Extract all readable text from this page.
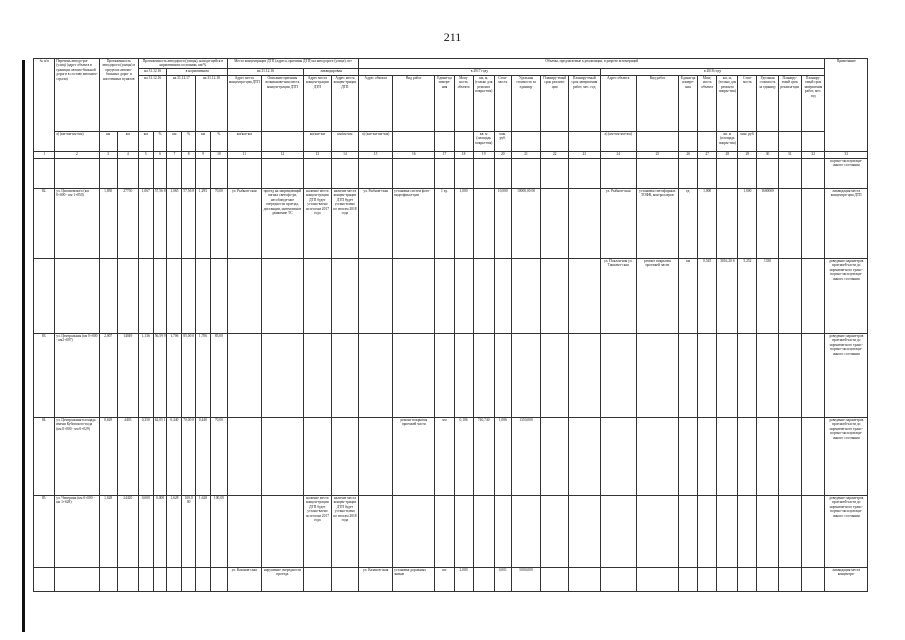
211
№ п/п	Перечень автодо-рог (улиц) (адрес объекта в границах автомо-бильной дороги в составе автомаги-страли)	Протяженность автодороги (улицы) в пределах автомо-бильных дорог и населенных пунктов		Протяженность автодороги (улицы), находя-щейся в нормативном состоянии, км/%						Места концентрации ДТП (адреса, причины ДТП) на автодороге (улице), шт				Объемы, предлагаемые к реализации, в разрезе агломераций																		Примечание
				на 31.12.16		в нормативном				на 31.12.16		ликвидирован		в 2017 году									в 2018 году									
				на 31.12.16		на 31.12.17		на 31.12.18		Адрес места концентра-ции ДТП	Описание причины возникнове-ния места концен-трации ДТП	Адрес места концен-трации ДТП	Адрес места концен-трации ДТП	Адрес объекта	Вид работ	Едини-ца измере-ния	Мощ-ность объекта	км, м, (только для ремонта покры-тия)	Стои-мость	Удельная стоимость за единицу	Планиру-емый срок реализа-ции	Планиру-емый срок завершения работ, мес. год	Адрес объекта	Вид работ	Едини-ца измере-ния	Мощ-ность объекта	км, м, (только для ремонта покры-тия)	Стои-мость	Удельная стоимость за единицу	Планиру-емый срок реализа-ции	Планиру-емый срок завершения работ, мес. год	
	а) (км+км-км+км)	км	км	км	%	км	%	км	%	км/км+км		км/км+км	км/км+км	а) (км+км-км+км)				кв. м (площадь покры-тия)	млн. руб.				а) (км+км-км+км)				кв. м (площадь покры-тия)	млн. руб.				
1	2	3	4	5	6	7	8	9	10	11	12	13	14	15	16	17	18	19	20	21	22	23	24	25	26	27	28	29	30	31	32	33
																																портно-эксплуатаци-онного состояния
82.	ул. Циолковского (км 0+000 - км 1+850)	1,850	27750	1,067	57,56 8	1,065	57,56 8	1,295	70,00	ул. Рыбнов-ская	проезд на запрещающий сигнал светофо-ра, несоблюде-ние очередности проезда, дистанции, интенсивное движение ТС	наличие места концен-трации ДТП будет устано-влено по итогам 2017 года	наличие места концен-трации ДТП будет устано-влено по итогам 2018 года	ул. Рыбнов-ская	установка систем фото-видеофикса-ции	1 ед.	1,000		10,000	10000,00 00			ул. Рыбнов-ская	установка светофорных ТОФВ, контроллеров	ед.	1,000		1,000	1600000			ликвидация места концентра-ции ДТП
																							ул. Поклон-ная ул. Ташкент-ская	ремонт покрытия проезжей части	км	0,545	3016,20 6	5,252	1330			доведение параметров проезжей части до норматив-ного транс-портно-эксплуатаци-онного состояния
83.	ул. Центральная (км 0+000 - км2+007)	2,007	14049	1,136	56,59 9	1,706	85,00 0	1,706	85,00																							доведение параметров проезжей части до норматив-ного транс-портно-эксплуатаци-онного состояния
84.	ул. Центральная-площадь имени Кубовского-пода (км 0+000 - км 0+029)	0,629	4403	0,350	62,05 1	0,440	70,00 0	0,440	70,00						ремонт покрытия проезжей части	км	0,106	740,740	1,086	1350,000												доведение параметров проезжей части до норматив-ного транс-портно-эксплуатаци-онного состояния
85.	ул. Чичерина (км 0+000 - км 1+628)	1,628	24420	0,000	0,000	1,628	100,0 00	1,628	100,00			наличие места концен-трации ДТП будет устано-влено по итогам 2017 года	наличие места концен-трации ДТП будет устано-влено по итогам 2018 года																			доведение параметров проезжей части до норматив-ного транс-портно-эксплуатаци-онного состояния
										ул. Казанов-ская	нарушение очередности проезда			ул. Казанов-ская	установка дорожных знаков	шт.	2,000		0,001	5000,000												ликвидация места концентра-
